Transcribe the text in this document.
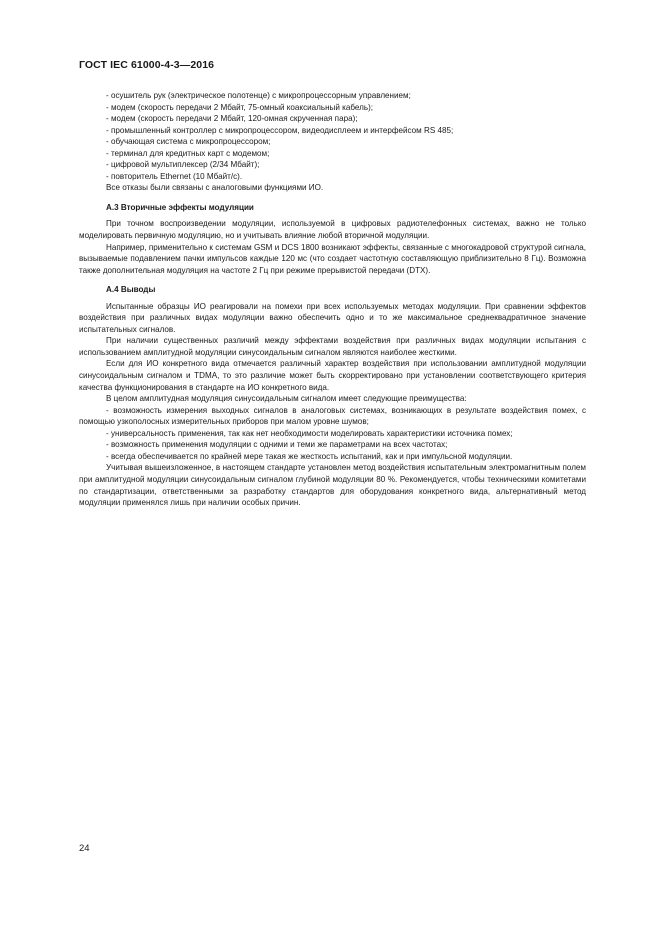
ГОСТ IEC 61000-4-3—2016

- осушитель рук (электрическое полотенце) с микропроцессорным управлением;

- модем (скорость передачи 2 Мбайт, 75-омный коаксиальный кабель);

- модем (скорость передачи 2 Мбайт, 120-омная скрученная пара);

- промышленный контроллер с микропроцессором, видеодисплеем и интерфейсом RS 485;

- обучающая система с микропроцессором;

- терминал для кредитных карт с модемом;

- цифровой мультиплексер (2/34 Мбайт);

- повторитель Ethernet (10 Мбайт/с).

Все отказы были связаны с аналоговыми функциями ИО.

А.3 Вторичные эффекты модуляции

При точном воспроизведении модуляции, используемой в цифровых радиотелефонных системах, важно не только моделировать первичную модуляцию, но и учитывать влияние любой вторичной модуляции.

Например, применительно к системам GSM и DCS 1800 возникают эффекты, связанные с многокадровой структурой сигнала, вызываемые подавлением пачки импульсов каждые 120 мс (что создает частотную составляющую приблизительно 8 Гц). Возможна также дополнительная модуляция на частоте 2 Гц при режиме прерывистой передачи (DTX).

А.4 Выводы

Испытанные образцы ИО реагировали на помехи при всех используемых методах модуляции. При сравнении эффектов воздействия при различных видах модуляции важно обеспечить одно и то же максимальное среднеквадратичное значение испытательных сигналов.

При наличии существенных различий между эффектами воздействия при различных видах модуляции испытания с использованием амплитудной модуляции синусоидальным сигналом являются наиболее жесткими.

Если для ИО конкретного вида отмечается различный характер воздействия при использовании амплитудной модуляции синусоидальным сигналом и TDMA, то это различие может быть скорректировано при установлении соответствующего критерия качества функционирования в стандарте на ИО конкретного вида.

В целом амплитудная модуляция синусоидальным сигналом имеет следующие преимущества:

- возможность измерения выходных сигналов в аналоговых системах, возникающих в результате воздействия помех, с помощью узкополосных измерительных приборов при малом уровне шумов;

- универсальность применения, так как нет необходимости моделировать характеристики источника помех;

- возможность применения модуляции с одними и теми же параметрами на всех частотах;

- всегда обеспечивается по крайней мере такая же жесткость испытаний, как и при импульсной модуляции.

Учитывая вышеизложенное, в настоящем стандарте установлен метод воздействия испытательным электромагнитным полем при амплитудной модуляции синусоидальным сигналом глубиной модуляции 80 %. Рекомендуется, чтобы техническими комитетами по стандартизации, ответственными за разработку стандартов для оборудования конкретного вида, альтернативный метод модуляции применялся лишь при наличии особых причин.

24
